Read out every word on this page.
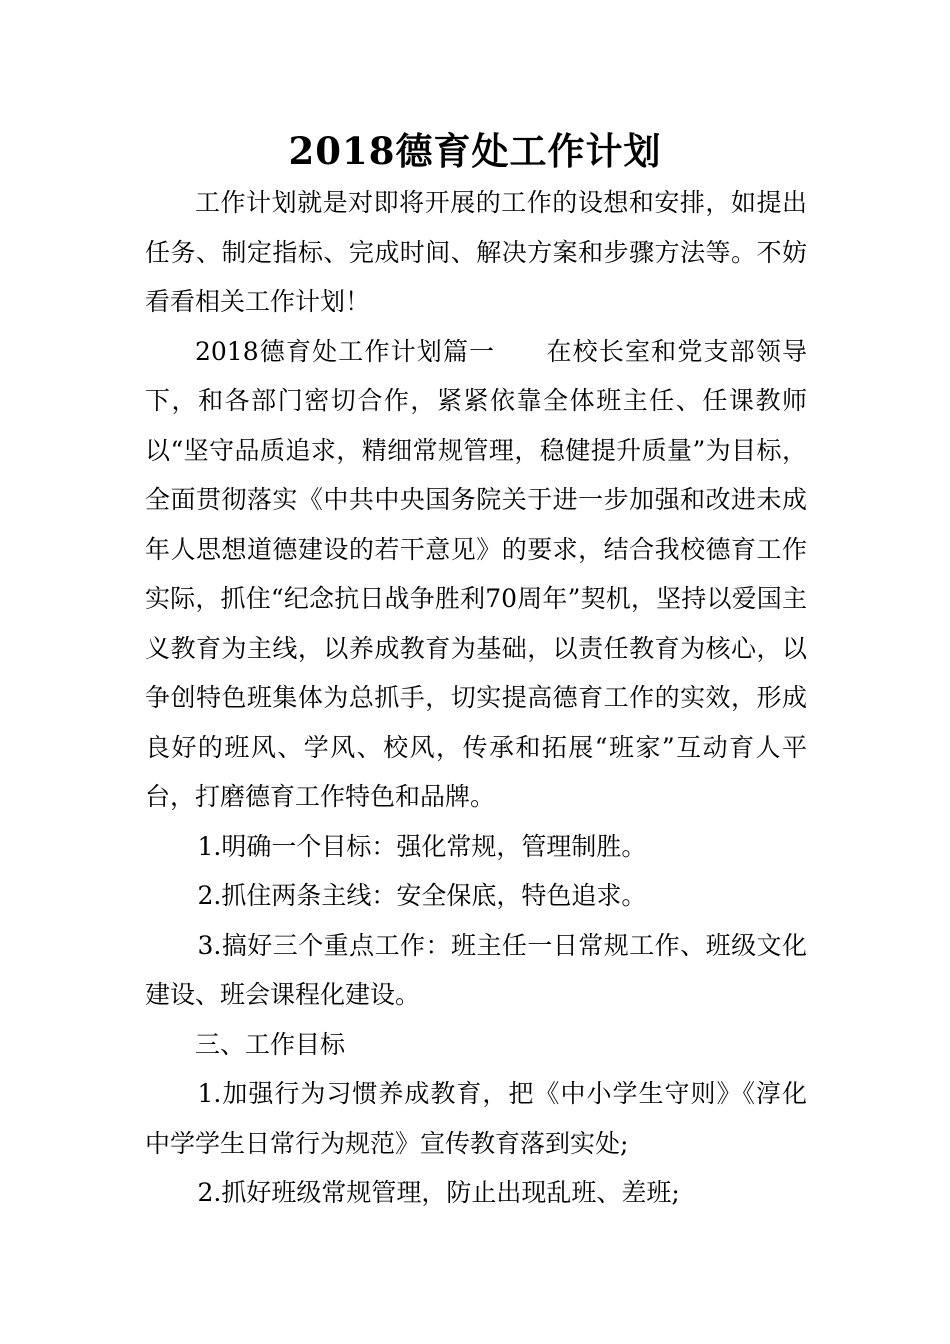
2018德育处工作计划

工作计划就是对即将开展的工作的设想和安排，如提出任务、制定指标、完成时间、解决方案和步骤方法等。不妨看看相关工作计划！

2018德育处工作计划篇一 在校长室和党支部领导下，和各部门密切合作，紧紧依靠全体班主任、任课教师以“坚守品质追求，精细常规管理，稳健提升质量”为目标，全面贯彻落实《中共中央国务院关于进一步加强和改进未成年人思想道德建设的若干意见》的要求，结合我校德育工作实际，抓住“纪念抗日战争胜利70周年”契机，坚持以爱国主义教育为主线，以养成教育为基础，以责任教育为核心，以争创特色班集体为总抓手，切实提高德育工作的实效，形成良好的班风、学风、校风，传承和拓展“班家”互动育人平台，打磨德育工作特色和品牌。

1.明确一个目标：强化常规，管理制胜。

2.抓住两条主线：安全保底，特色追求。

3.搞好三个重点工作：班主任一日常规工作、班级文化建设、班会课程化建设。

三、工作目标

1.加强行为习惯养成教育，把《中小学生守则》《淳化中学学生日常行为规范》宣传教育落到实处;

2.抓好班级常规管理，防止出现乱班、差班;
